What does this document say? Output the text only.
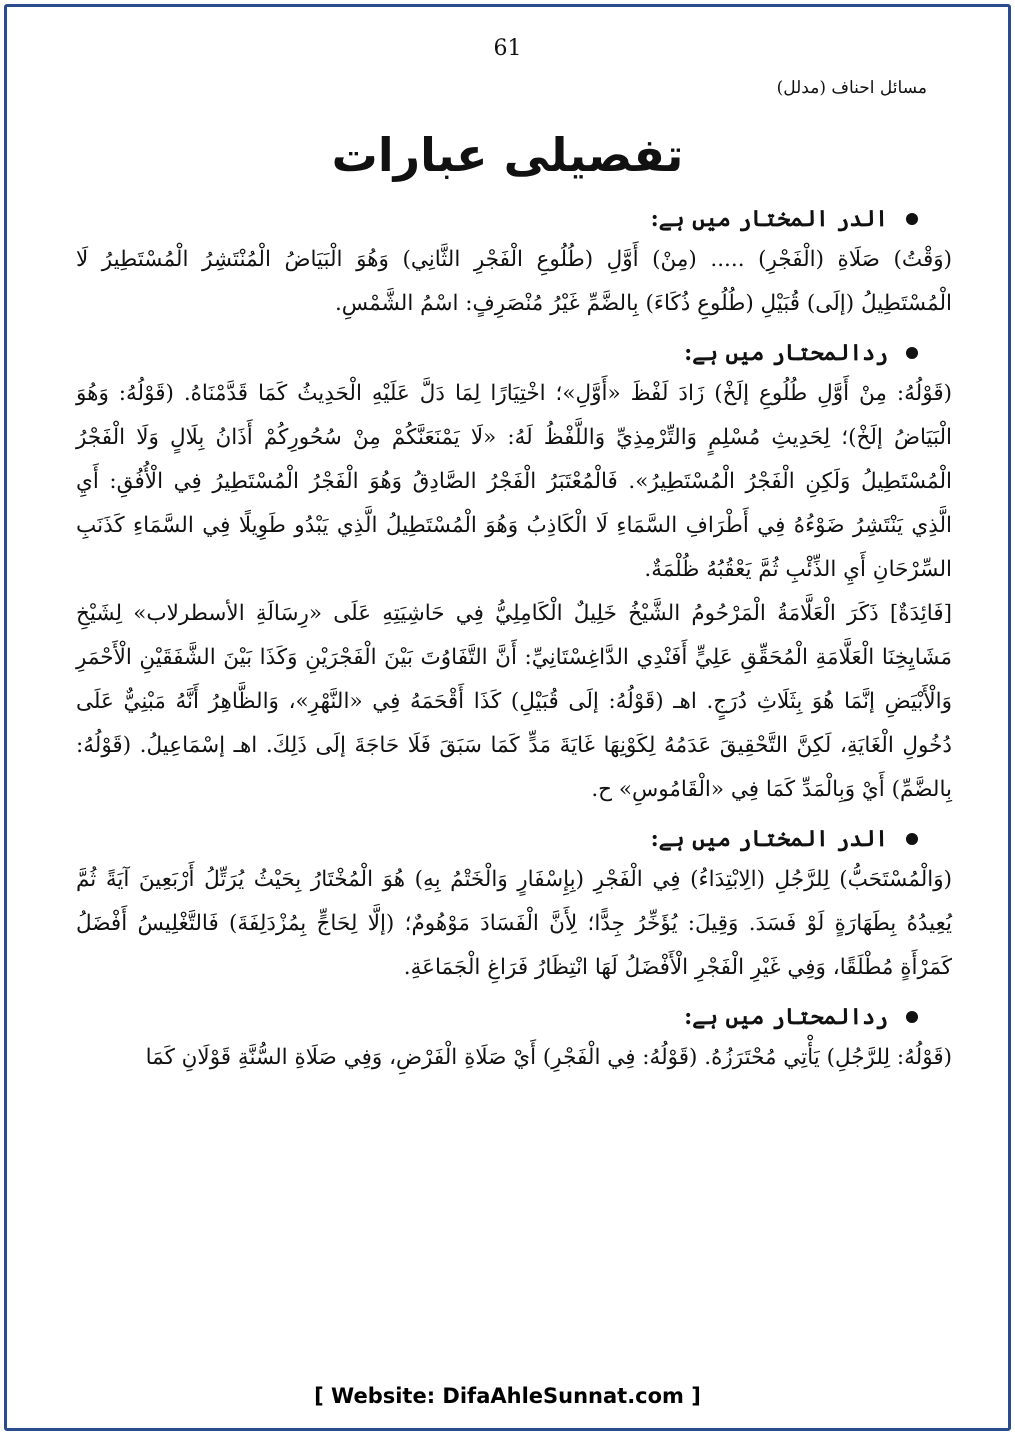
61
مسائل احناف (مدلل)
تفصیلی عبارات
الدر المختار میں ہے:

(وَقْتُ) صَلَاةِ (الْفَجْرِ) ..... (مِنْ) أَوَّلِ (طُلُوعِ الْفَجْرِ الثَّانِي) وَهُوَ الْبَيَاضُ الْمُنْتَشِرُ الْمُسْتَطِيرُ لَا الْمُسْتَطِيلُ (إلَى) قُبَيْلِ (طُلُوعِ ذُكَاءَ) بِالضَّمِّ غَيْرُ مُنْصَرِفٍ: اسْمُ الشَّمْسِ.

ردالمحتار میں ہے:

(قَوْلُهُ: مِنْ أَوَّلِ طُلُوعِ إلَخْ) زَادَ لَفْظَ «أَوَّلِ»؛ اخْتِيَارًا لِمَا دَلَّ عَلَيْهِ الْحَدِيثُ كَمَا قَدَّمْنَاهُ. (قَوْلُهُ: وَهُوَ الْبَيَاضُ إلَخْ)؛ لِحَدِيثِ مُسْلِمٍ وَالتِّرْمِذِيِّ وَاللَّفْظُ لَهُ: «لَا يَمْنَعَنَّكُمْ مِنْ سُحُورِكُمْ أَذَانُ بِلَالٍ وَلَا الْفَجْرُ الْمُسْتَطِيلُ وَلَكِنِ الْفَجْرُ الْمُسْتَطِيرُ». فَالْمُعْتَبَرُ الْفَجْرُ الصَّادِقُ وَهُوَ الْفَجْرُ الْمُسْتَطِيرُ فِي الْأُفُقِ: أَيِ الَّذِي يَنْتَشِرُ ضَوْءُهُ فِي أَطْرَافِ السَّمَاءِ لَا الْكَاذِبُ وَهُوَ الْمُسْتَطِيلُ الَّذِي يَبْدُو طَوِيلًا فِي السَّمَاءِ كَذَنَبِ السِّرْحَانِ أَيِ الذِّئْبِ ثُمَّ يَعْقُبُهُ ظُلْمَةٌ.

[فَائِدَةٌ] ذَكَرَ الْعَلَّامَةُ الْمَرْحُومُ الشَّيْخُ خَلِيلٌ الْكَامِلِيُّ فِي حَاشِيَتِهِ عَلَى «رِسَالَةِ الأسطرلاب» لِشَيْخِ مَشَايِخِنَا الْعَلَّامَةِ الْمُحَقِّقِ عَلِيٍّ أَفَنْدِي الدَّاغِسْتَانِيِّ: أَنَّ التَّفَاوُتَ بَيْنَ الْفَجْرَيْنِ وَكَذَا بَيْنَ الشَّفَقَيْنِ الْأَحْمَرِ وَالْأَبْيَضِ إنَّمَا هُوَ بِثَلَاثِ دُرَجٍ. اهـ (قَوْلُهُ: إلَى قُبَيْلِ) كَذَا أَقْحَمَهُ فِي «النَّهْرِ»، وَالظَّاهِرُ أَنَّهُ مَبْنِيٌّ عَلَى دُخُولِ الْغَايَةِ، لَكِنَّ التَّحْقِيقَ عَدَمُهُ لِكَوْنِهَا غَايَةَ مَدٍّ كَمَا سَبَقَ فَلَا حَاجَةَ إلَى ذَلِكَ. اهـ إسْمَاعِيلُ. (قَوْلُهُ: بِالضَّمِّ) أَيْ وَبِالْمَدِّ كَمَا فِي «الْقَامُوسِ» ح.

الدر المختار میں ہے:

(وَالْمُسْتَحَبُّ) لِلرَّجُلِ (الِابْتِدَاءُ) فِي الْفَجْرِ (بِإِسْفَارٍ وَالْخَتْمُ بِهِ) هُوَ الْمُخْتَارُ بِحَيْثُ يُرَتِّلُ أَرْبَعِينَ آيَةً ثُمَّ يُعِيدُهُ بِطَهَارَةٍ لَوْ فَسَدَ. وَقِيلَ: يُؤَخِّرُ جِدًّا؛ لِأَنَّ الْفَسَادَ مَوْهُومٌ؛ (إلَّا لِحَاجٍّ بِمُزْدَلِفَةَ) فَالتَّغْلِيسُ أَفْضَلُ كَمَرْأَةٍ مُطْلَقًا، وَفِي غَيْرِ الْفَجْرِ الْأَفْضَلُ لَهَا انْتِظَارُ فَرَاغِ الْجَمَاعَةِ.

ردالمحتار میں ہے:

(قَوْلُهُ: لِلرَّجُلِ) يَأْتِي مُحْتَرَزُهُ. (قَوْلُهُ: فِي الْفَجْرِ) أَيْ صَلَاةِ الْفَرْضِ، وَفِي صَلَاةِ السُّنَّةِ قَوْلَانِ كَمَا

[ Website: DifaAhleSunnat.com ]
